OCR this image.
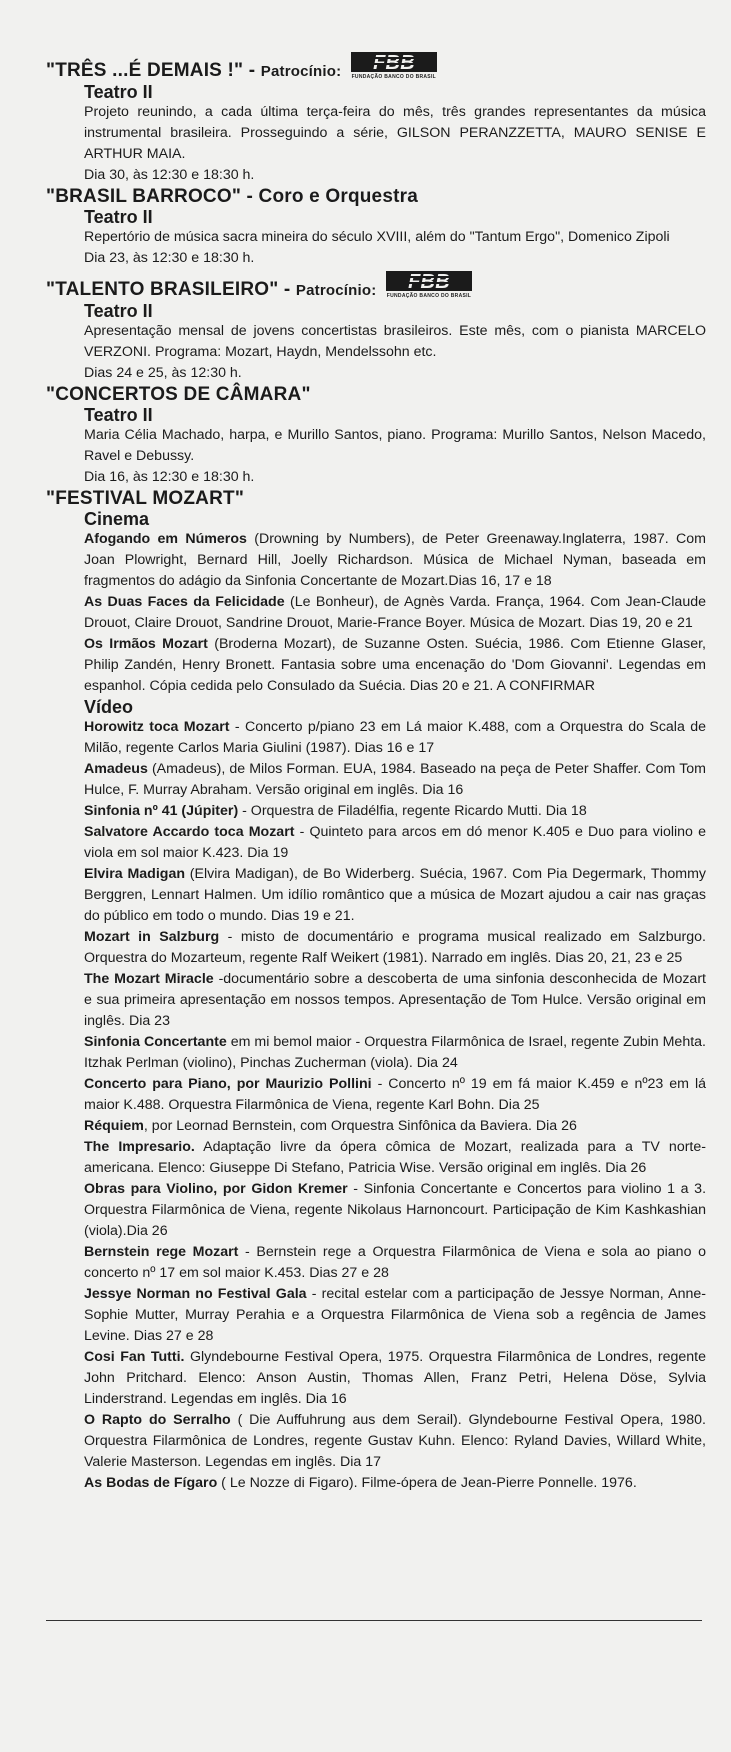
"TRÊS ...É DEMAIS !" - Patrocínio: FBB
FUNDAÇÃO BANCO DO BRASIL
Teatro II
Projeto reunindo, a cada última terça-feira do mês, três grandes representantes da música instrumental brasileira. Prosseguindo a série, GILSON PERANZZETTA, MAURO SENISE E ARTHUR MAIA.
Dia 30, às 12:30 e 18:30 h.
"BRASIL BARROCO" - Coro e Orquestra
Teatro II
Repertório de música sacra mineira do século XVIII, além do "Tantum Ergo", Domenico Zipoli
Dia 23, às 12:30 e 18:30 h.
"TALENTO BRASILEIRO" - Patrocínio: FBB
FUNDAÇÃO BANCO DO BRASIL
Teatro II
Apresentação mensal de jovens concertistas brasileiros. Este mês, com o pianista MARCELO VERZONI. Programa: Mozart, Haydn, Mendelssohn etc.
Dias 24 e 25, às 12:30 h.
"CONCERTOS DE CÂMARA"
Teatro II
Maria Célia Machado, harpa, e Murillo Santos, piano. Programa: Murillo Santos, Nelson Macedo, Ravel e Debussy.
Dia 16, às 12:30 e 18:30 h.
"FESTIVAL MOZART"
Cinema
Afogando em Números (Drowning by Numbers), de Peter Greenaway.Inglaterra, 1987. Com Joan Plowright, Bernard Hill, Joelly Richardson. Música de Michael Nyman, baseada em fragmentos do adágio da Sinfonia Concertante de Mozart.Dias 16, 17 e 18
As Duas Faces da Felicidade (Le Bonheur), de Agnès Varda. França, 1964. Com Jean-Claude Drouot, Claire Drouot, Sandrine Drouot, Marie-France Boyer. Música de Mozart. Dias 19, 20 e 21
Os Irmãos Mozart (Broderna Mozart), de Suzanne Osten. Suécia, 1986. Com Etienne Glaser, Philip Zandén, Henry Bronett. Fantasia sobre uma encenação do 'Dom Giovanni'. Legendas em espanhol. Cópia cedida pelo Consulado da Suécia. Dias 20 e 21. A CONFIRMAR
Vídeo
Horowitz toca Mozart - Concerto p/piano 23 em Lá maior K.488, com a Orquestra do Scala de Milão, regente Carlos Maria Giulini (1987). Dias 16 e 17
Amadeus (Amadeus), de Milos Forman. EUA, 1984. Baseado na peça de Peter Shaffer. Com Tom Hulce, F. Murray Abraham. Versão original em inglês. Dia 16
Sinfonia nº 41 (Júpiter) - Orquestra de Filadélfia, regente Ricardo Mutti. Dia 18
Salvatore Accardo toca Mozart - Quinteto para arcos em dó menor K.405 e Duo para violino e viola em sol maior K.423. Dia 19
Elvira Madigan (Elvira Madigan), de Bo Widerberg. Suécia, 1967. Com Pia Degermark, Thommy Berggren, Lennart Halmen. Um idílio romântico que a música de Mozart ajudou a cair nas graças do público em todo o mundo. Dias 19 e 21.
Mozart in Salzburg - misto de documentário e programa musical realizado em Salzburgo. Orquestra do Mozarteum, regente Ralf Weikert (1981). Narrado em inglês. Dias 20, 21, 23 e 25
The Mozart Miracle -documentário sobre a descoberta de uma sinfonia desconhecida de Mozart e sua primeira apresentação em nossos tempos. Apresentação de Tom Hulce. Versão original em inglês. Dia 23
Sinfonia Concertante em mi bemol maior - Orquestra Filarmônica de Israel, regente Zubin Mehta. Itzhak Perlman (violino), Pinchas Zucherman (viola). Dia 24
Concerto para Piano, por Maurizio Pollini - Concerto nº 19 em fá maior K.459 e nº23 em lá maior K.488. Orquestra Filarmônica de Viena, regente Karl Bohn. Dia 25
Réquiem, por Leornad Bernstein, com Orquestra Sinfônica da Baviera. Dia 26
The Impresario. Adaptação livre da ópera cômica de Mozart, realizada para a TV norte-americana. Elenco: Giuseppe Di Stefano, Patricia Wise. Versão original em inglês. Dia 26
Obras para Violino, por Gidon Kremer - Sinfonia Concertante e Concertos para violino 1 a 3. Orquestra Filarmônica de Viena, regente Nikolaus Harnoncourt. Participação de Kim Kashkashian (viola).Dia 26
Bernstein rege Mozart - Bernstein rege a Orquestra Filarmônica de Viena e sola ao piano o concerto nº 17 em sol maior K.453. Dias 27 e 28
Jessye Norman no Festival Gala - recital estelar com a participação de Jessye Norman, Anne-Sophie Mutter, Murray Perahia e a Orquestra Filarmônica de Viena sob a regência de James Levine. Dias 27 e 28
Cosi Fan Tutti. Glyndebourne Festival Opera, 1975. Orquestra Filarmônica de Londres, regente John Pritchard. Elenco: Anson Austin, Thomas Allen, Franz Petri, Helena Döse, Sylvia Linderstrand. Legendas em inglês. Dia 16
O Rapto do Serralho ( Die Auffuhrung aus dem Serail). Glyndebourne Festival Opera, 1980. Orquestra Filarmônica de Londres, regente Gustav Kuhn. Elenco: Ryland Davies, Willard White, Valerie Masterson. Legendas em inglês. Dia 17
As Bodas de Fígaro ( Le Nozze di Figaro). Filme-ópera de Jean-Pierre Ponnelle. 1976.
